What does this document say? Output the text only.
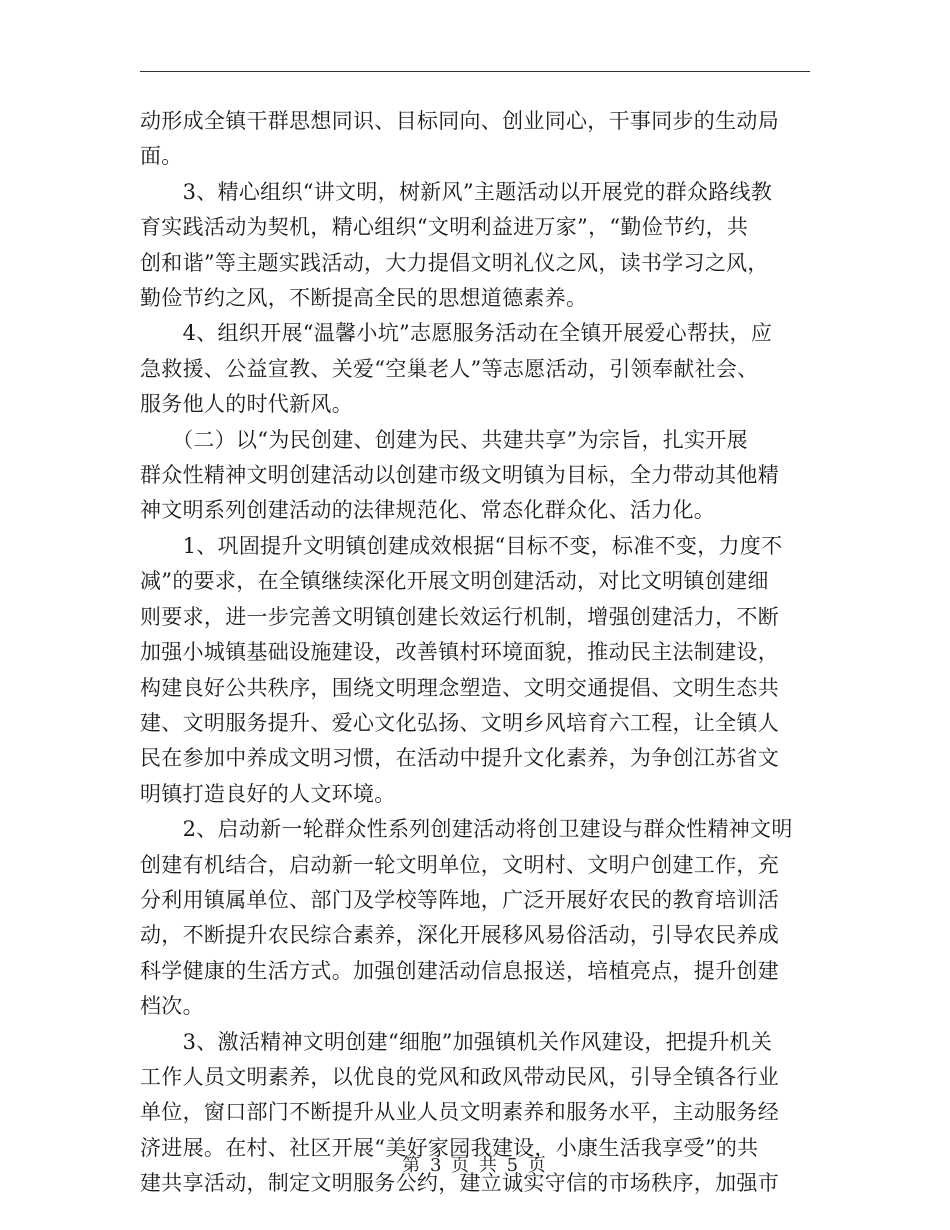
动形成全镇干群思想同识、目标同向、创业同心，干事同步的生动局
面。

　　3、精心组织“讲文明，树新风”主题活动以开展党的群众路线教
育实践活动为契机，精心组织“文明利益进万家”，“勤俭节约，共
创和谐”等主题实践活动，大力提倡文明礼仪之风，读书学习之风，
勤俭节约之风，不断提高全民的思想道德素养。

　　4、组织开展“温馨小坑”志愿服务活动在全镇开展爱心帮扶，应
急救援、公益宣教、关爱“空巢老人”等志愿活动，引领奉献社会、
服务他人的时代新风。

　　（二）以“为民创建、创建为民、共建共享”为宗旨，扎实开展
群众性精神文明创建活动以创建市级文明镇为目标，全力带动其他精
神文明系列创建活动的法律规范化、常态化群众化、活力化。

　　1、巩固提升文明镇创建成效根据“目标不变，标准不变，力度不
减”的要求，在全镇继续深化开展文明创建活动，对比文明镇创建细
则要求，进一步完善文明镇创建长效运行机制，增强创建活力，不断
加强小城镇基础设施建设，改善镇村环境面貌，推动民主法制建设，
构建良好公共秩序，围绕文明理念塑造、文明交通提倡、文明生态共
建、文明服务提升、爱心文化弘扬、文明乡风培育六工程，让全镇人
民在参加中养成文明习惯，在活动中提升文化素养，为争创江苏省文
明镇打造良好的人文环境。

　　2、启动新一轮群众性系列创建活动将创卫建设与群众性精神文明
创建有机结合，启动新一轮文明单位，文明村、文明户创建工作，充
分利用镇属单位、部门及学校等阵地，广泛开展好农民的教育培训活
动，不断提升农民综合素养，深化开展移风易俗活动，引导农民养成
科学健康的生活方式。加强创建活动信息报送，培植亮点，提升创建
档次。

　　3、激活精神文明创建“细胞”加强镇机关作风建设，把提升机关
工作人员文明素养，以优良的党风和政风带动民风，引导全镇各行业
单位，窗口部门不断提升从业人员文明素养和服务水平，主动服务经
济进展。在村、社区开展“美好家园我建设，小康生活我享受”的共
建共享活动，制定文明服务公约，建立诚实守信的市场秩序，加强市

第 3 页 共 5 页
